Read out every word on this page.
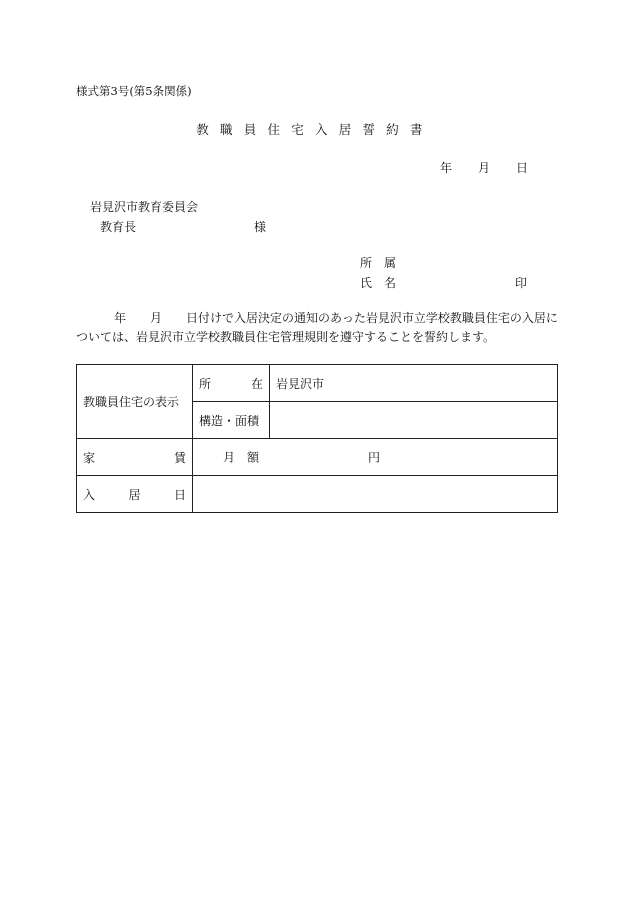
様式第3号(第5条関係)
教職員住宅入居誓約書
年 月 日
岩見沢市教育委員会
教育長	様
所 属
氏 名	印
年 月 日付けで入居決定の通知のあった岩見沢市立学校教職員住宅の入居に
ついては、岩見沢市立学校教職員住宅管理規則を遵守することを誓約します。
教職員住宅の表示	所 在	岩見沢市
	構造・面積	

家 賃	月　額 円	

入 居 日		
